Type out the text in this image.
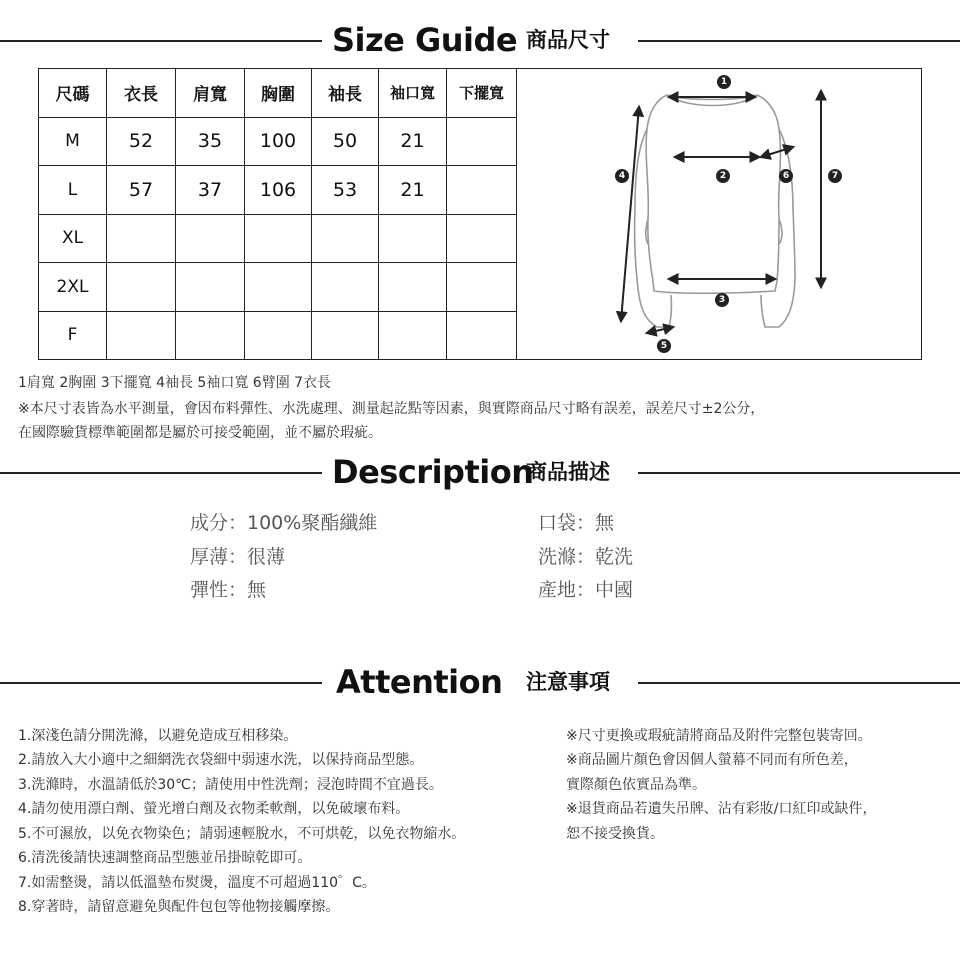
Size Guide 商品尺寸
尺碼	衣長	肩寬	胸圍	袖長	袖口寬	下擺寬
M	52	35	100	50	21	
L	57	37	106	53	21	
XL						
2XL						
F						
1
2
3
4
5
6	7
1肩寬 2胸圍 3下擺寬 4袖長 5袖口寬 6臂圍 7衣長
※本尺寸表皆為水平測量，會因布料彈性、水洗處理、測量起訖點等因素，與實際商品尺寸略有誤差，誤差尺寸±2公分，
在國際驗貨標準範圍都是屬於可接受範圍，並不屬於瑕疵。
Description
商品描述
成分：100%聚酯纖維
厚薄：很薄
彈性：無
口袋：無
洗滌：乾洗
產地：中國
Attention 注意事項
1.深淺色請分開洗滌，以避免造成互相移染。
2.請放入大小適中之細網洗衣袋細中弱速水洗，以保持商品型態。
3.洗滌時，水溫請低於30℃；請使用中性洗劑；浸泡時間不宜過長。
4.請勿使用漂白劑、螢光增白劑及衣物柔軟劑，以免破壞布料。
5.不可濕放，以免衣物染色；請弱速輕脫水，不可烘乾，以免衣物縮水。
6.清洗後請快速調整商品型態並吊掛晾乾即可。
7.如需整燙，請以低溫墊布熨燙，溫度不可超過110゜C。
8.穿著時，請留意避免與配件包包等他物接觸摩擦。
※尺寸更換或瑕疵請將商品及附件完整包裝寄回。
※商品圖片顏色會因個人螢幕不同而有所色差，
實際顏色依實品為準。
※退貨商品若遺失吊牌、沾有彩妝/口紅印或缺件，
恕不接受換貨。
